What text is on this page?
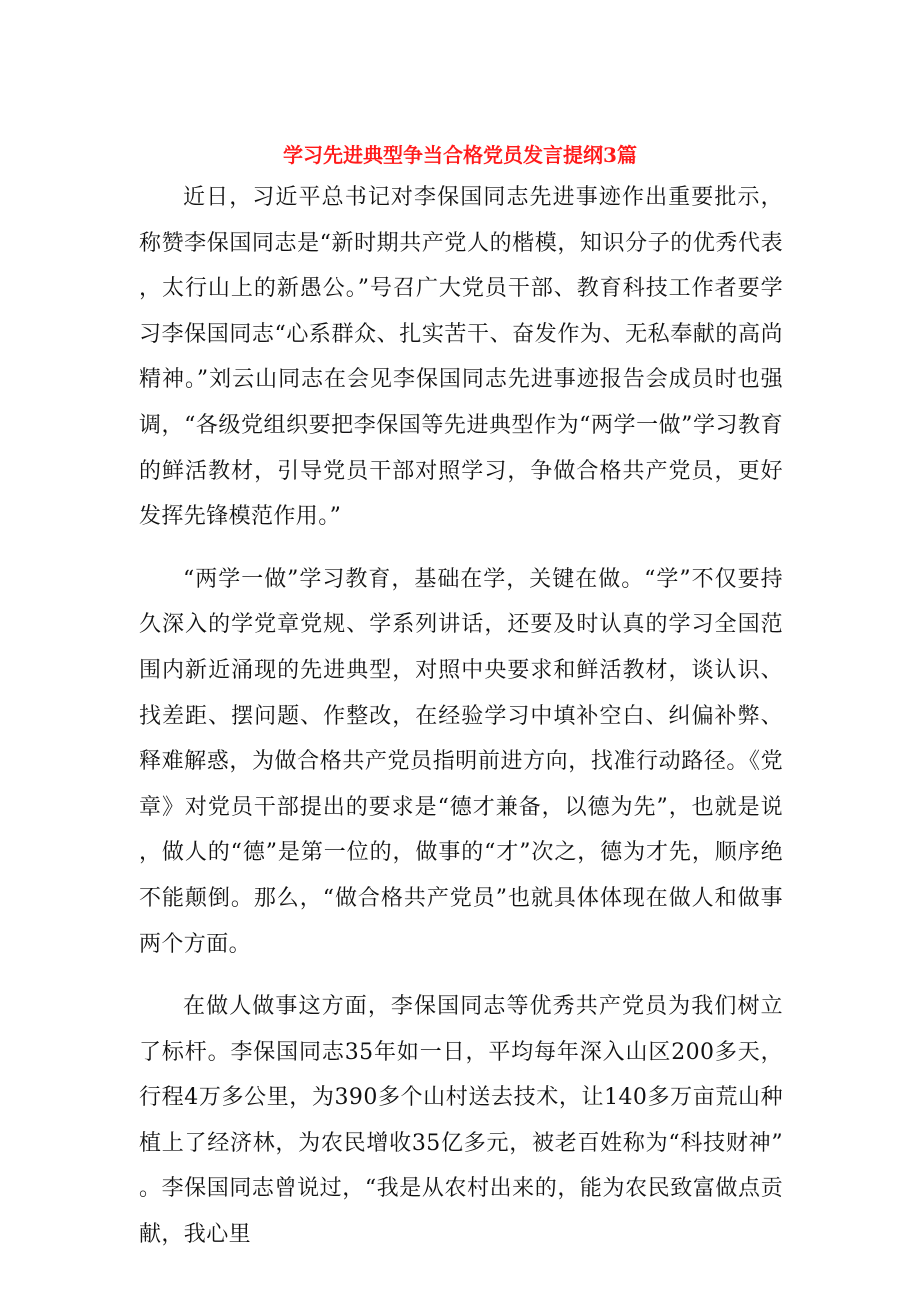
学习先进典型争当合格党员发言提纲3篇

近日，习近平总书记对李保国同志先进事迹作出重要批示，称赞李保国同志是“新时期共产党人的楷模，知识分子的优秀代表，太行山上的新愚公。”号召广大党员干部、教育科技工作者要学习李保国同志“心系群众、扎实苦干、奋发作为、无私奉献的高尚精神。”刘云山同志在会见李保国同志先进事迹报告会成员时也强调，“各级党组织要把李保国等先进典型作为“两学一做”学习教育的鲜活教材，引导党员干部对照学习，争做合格共产党员，更好发挥先锋模范作用。”

“两学一做”学习教育，基础在学，关键在做。“学”不仅要持久深入的学党章党规、学系列讲话，还要及时认真的学习全国范围内新近涌现的先进典型，对照中央要求和鲜活教材，谈认识、找差距、摆问题、作整改，在经验学习中填补空白、纠偏补弊、释难解惑，为做合格共产党员指明前进方向，找准行动路径。《党章》对党员干部提出的要求是“德才兼备，以德为先”，也就是说，做人的“德”是第一位的，做事的“才”次之，德为才先，顺序绝不能颠倒。那么，“做合格共产党员”也就具体体现在做人和做事两个方面。

在做人做事这方面，李保国同志等优秀共产党员为我们树立了标杆。李保国同志35年如一日，平均每年深入山区200多天，行程4万多公里，为390多个山村送去技术，让140多万亩荒山种植上了经济林，为农民增收35亿多元，被老百姓称为“科技财神”。李保国同志曾说过，“我是从农村出来的，能为农民致富做点贡献，我心里
